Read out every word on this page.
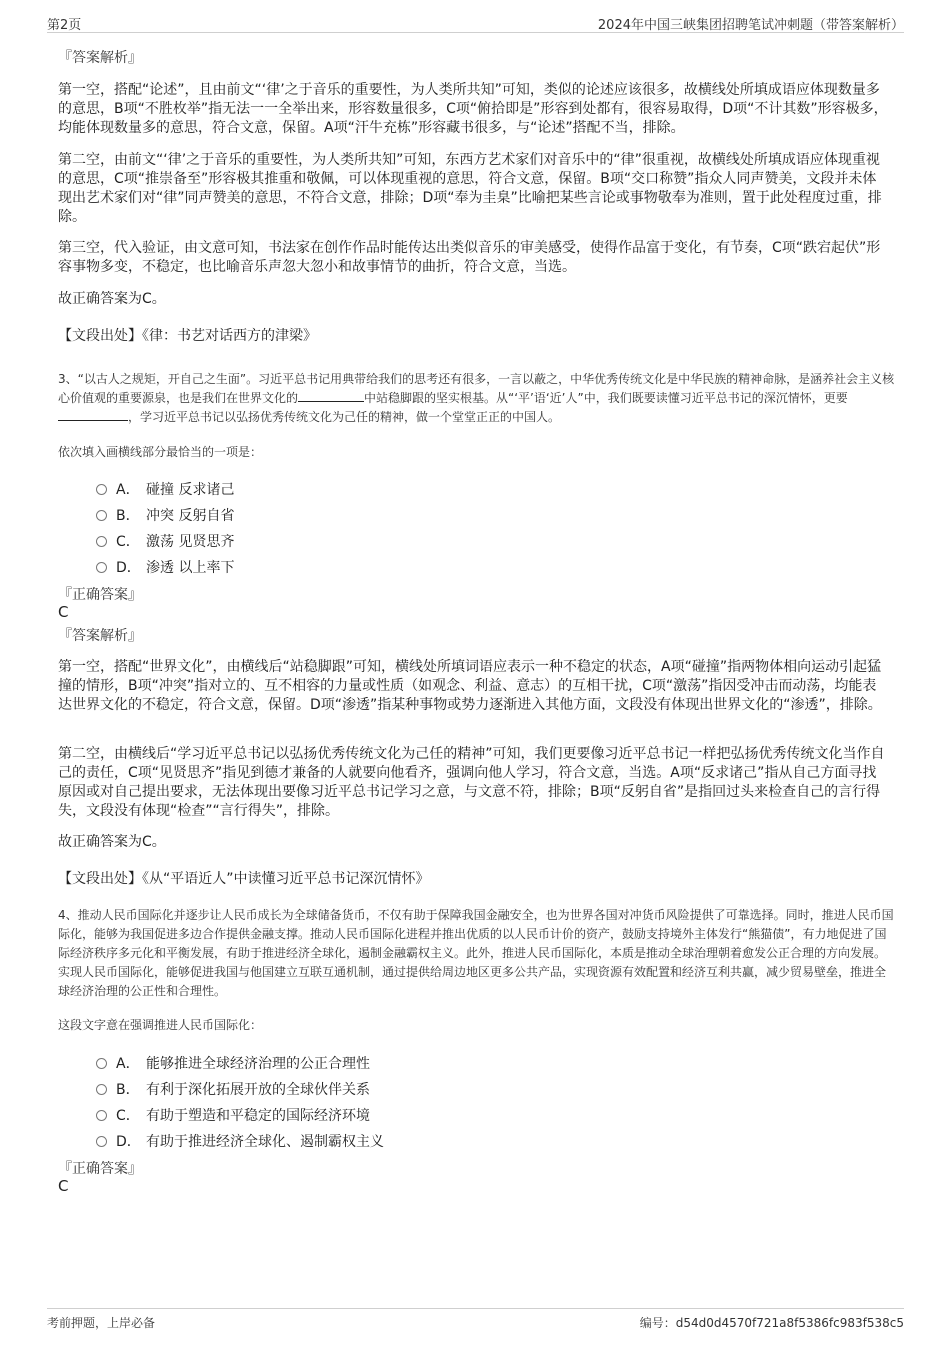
第2页	2024年中国三峡集团招聘笔试冲刺题（带答案解析）
『答案解析』
第一空，搭配“论述”，且由前文“‘律’之于音乐的重要性，为人类所共知”可知，类似的论述应该很多，故横线处所填成语应体现数量多的意思，B项“不胜枚举”指无法一一全举出来，形容数量很多，C项“俯拾即是”形容到处都有，很容易取得，D项“不计其数”形容极多，均能体现数量多的意思，符合文意，保留。A项“汗牛充栋”形容藏书很多，与“论述”搭配不当，排除。
第二空，由前文“‘律’之于音乐的重要性，为人类所共知”可知，东西方艺术家们对音乐中的“律”很重视，故横线处所填成语应体现重视的意思，C项“推崇备至”形容极其推重和敬佩，可以体现重视的意思，符合文意，保留。B项“交口称赞”指众人同声赞美，文段并未体现出艺术家们对“律”同声赞美的意思，不符合文意，排除；D项“奉为圭臬”比喻把某些言论或事物敬奉为准则，置于此处程度过重，排除。
第三空，代入验证，由文意可知，书法家在创作作品时能传达出类似音乐的审美感受，使得作品富于变化，有节奏，C项“跌宕起伏”形容事物多变，不稳定，也比喻音乐声忽大忽小和故事情节的曲折，符合文意，当选。
故正确答案为C。
【文段出处】《律：书艺对话西方的津梁》
3、“以古人之规矩，开自己之生面”。习近平总书记用典带给我们的思考还有很多，一言以蔽之，中华优秀传统文化是中华民族的精神命脉，是涵养社会主义核心价值观的重要源泉，也是我们在世界文化的	中站稳脚跟的坚实根基。从“‘平’语‘近’人”中，我们既要读懂习近平总书记的深沉情怀，更要，学习近平总书记以弘扬优秀传统文化为己任的精神，做一个堂堂正正的中国人。
依次填入画横线部分最恰当的一项是：
A． 碰撞 反求诸己
B． 冲突 反躬自省
C． 激荡 见贤思齐
D． 渗透 以上率下
『正确答案』
C
『答案解析』
第一空，搭配“世界文化”，由横线后“站稳脚跟”可知，横线处所填词语应表示一种不稳定的状态，A项“碰撞”指两物体相向运动引起猛撞的情形，B项“冲突”指对立的、互不相容的力量或性质（如观念、利益、意志）的互相干扰，C项“激荡”指因受冲击而动荡，均能表达世界文化的不稳定，符合文意，保留。D项“渗透”指某种事物或势力逐渐进入其他方面，文段没有体现出世界文化的“渗透”，排除。
第二空，由横线后“学习近平总书记以弘扬优秀传统文化为己任的精神”可知，我们更要像习近平总书记一样把弘扬优秀传统文化当作自己的责任，C项“见贤思齐”指见到德才兼备的人就要向他看齐，强调向他人学习，符合文意，当选。A项“反求诸己”指从自己方面寻找原因或对自己提出要求，无法体现出要像习近平总书记学习之意，与文意不符，排除；B项“反躬自省”是指回过头来检查自己的言行得失，文段没有体现“检查”“言行得失”，排除。
故正确答案为C。
【文段出处】《从“平语近人”中读懂习近平总书记深沉情怀》
4、推动人民币国际化并逐步让人民币成长为全球储备货币，不仅有助于保障我国金融安全，也为世界各国对冲货币风险提供了可靠选择。同时，推进人民币国际化，能够为我国促进多边合作提供金融支撑。推动人民币国际化进程并推出优质的以人民币计价的资产，鼓励支持境外主体发行“熊猫债”，有力地促进了国际经济秩序多元化和平衡发展，有助于推进经济全球化，遏制金融霸权主义。此外，推进人民币国际化，本质是推动全球治理朝着愈发公正合理的方向发展。实现人民币国际化，能够促进我国与他国建立互联互通机制，通过提供给周边地区更多公共产品，实现资源有效配置和经济互利共赢，减少贸易壁垒，推进全球经济治理的公正性和合理性。
这段文字意在强调推进人民币国际化：
A． 能够推进全球经济治理的公正合理性
B． 有利于深化拓展开放的全球伙伴关系
C． 有助于塑造和平稳定的国际经济环境
D． 有助于推进经济全球化、遏制霸权主义
『正确答案』
C
考前押题，上岸必备	编号：d54d0d4570f721a8f5386fc983f538c5
